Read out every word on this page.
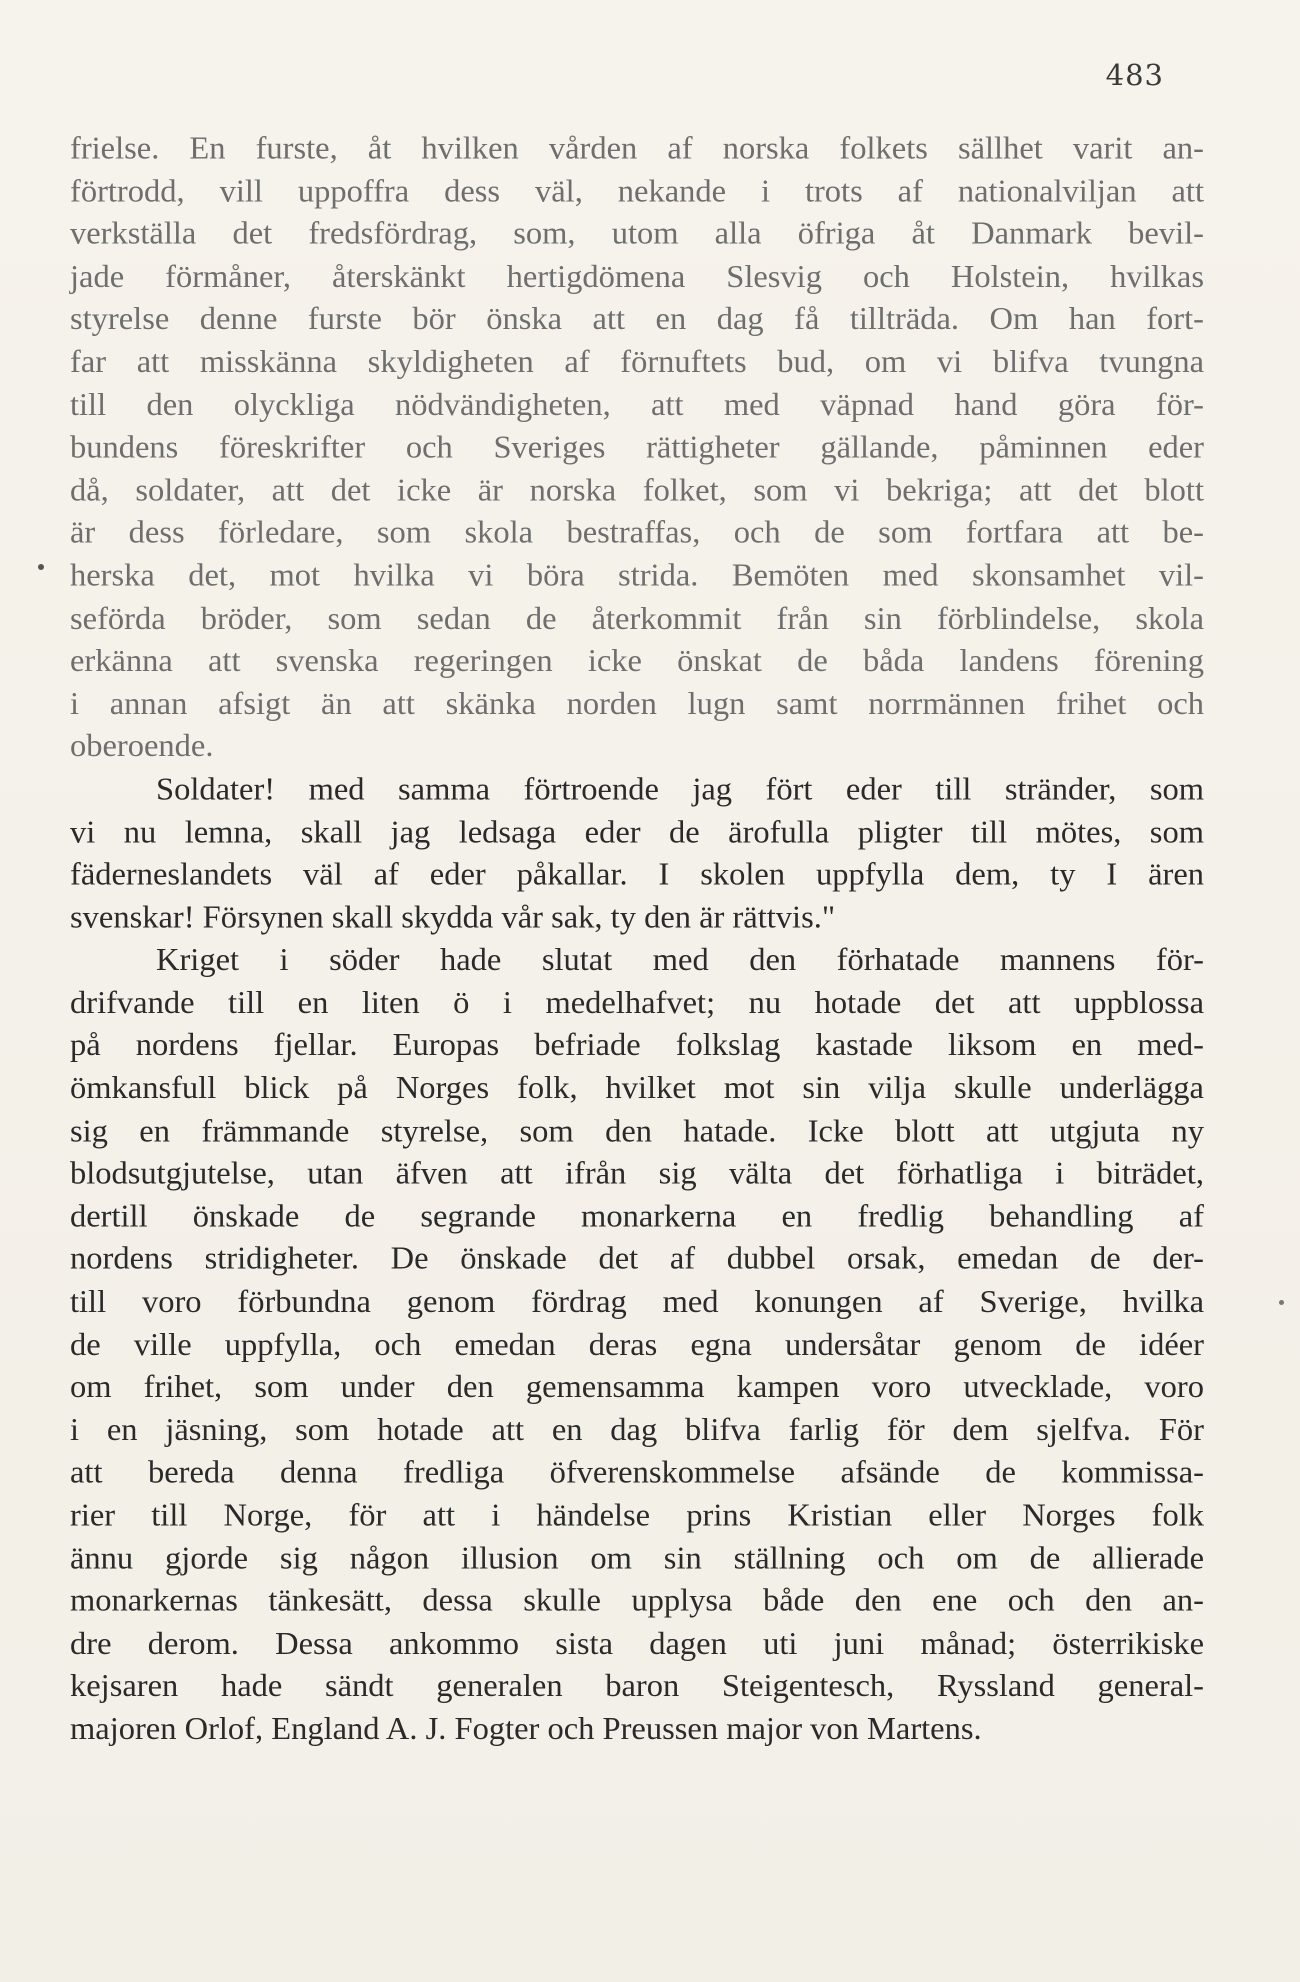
483
frielse. En furste, åt hvilken vården af norska folkets sällhet varit an-
förtrodd, vill uppoffra dess väl, nekande i trots af nationalviljan att
verkställa det fredsfördrag, som, utom alla öfriga åt Danmark bevil-
jade förmåner, återskänkt hertigdömena Slesvig och Holstein, hvilkas
styrelse denne furste bör önska att en dag få tillträda. Om han fort-
far att misskänna skyldigheten af förnuftets bud, om vi blifva tvungna
till den olyckliga nödvändigheten, att med väpnad hand göra för-
bundens föreskrifter och Sveriges rättigheter gällande, påminnen eder
då, soldater, att det icke är norska folket, som vi bekriga; att det blott
är dess förledare, som skola bestraffas, och de som fortfara att be-
herska det, mot hvilka vi böra strida. Bemöten med skonsamhet vil-
seförda bröder, som sedan de återkommit från sin förblindelse, skola
erkänna att svenska regeringen icke önskat de båda landens förening
i annan afsigt än att skänka norden lugn samt norrmännen frihet och
oberoende.
Soldater! med samma förtroende jag fört eder till stränder, som
vi nu lemna, skall jag ledsaga eder de ärofulla pligter till mötes, som
fäderneslandets väl af eder påkallar. I skolen uppfylla dem, ty I ären
svenskar! Försynen skall skydda vår sak, ty den är rättvis."
Kriget i söder hade slutat med den förhatade mannens för-
drifvande till en liten ö i medelhafvet; nu hotade det att uppblossa
på nordens fjellar. Europas befriade folkslag kastade liksom en med-
ömkansfull blick på Norges folk, hvilket mot sin vilja skulle underlägga
sig en främmande styrelse, som den hatade. Icke blott att utgjuta ny
blodsutgjutelse, utan äfven att ifrån sig välta det förhatliga i biträdet,
dertill önskade de segrande monarkerna en fredlig behandling af
nordens stridigheter. De önskade det af dubbel orsak, emedan de der-
till voro förbundna genom fördrag med konungen af Sverige, hvilka
de ville uppfylla, och emedan deras egna undersåtar genom de idéer
om frihet, som under den gemensamma kampen voro utvecklade, voro
i en jäsning, som hotade att en dag blifva farlig för dem sjelfva. För
att bereda denna fredliga öfverenskommelse afsände de kommissa-
rier till Norge, för att i händelse prins Kristian eller Norges folk
ännu gjorde sig någon illusion om sin ställning och om de allierade
monarkernas tänkesätt, dessa skulle upplysa både den ene och den an-
dre derom. Dessa ankommo sista dagen uti juni månad; österrikiske
kejsaren hade sändt generalen baron Steigentesch, Ryssland general-
majoren Orlof, England A. J. Fogter och Preussen major von Martens.
